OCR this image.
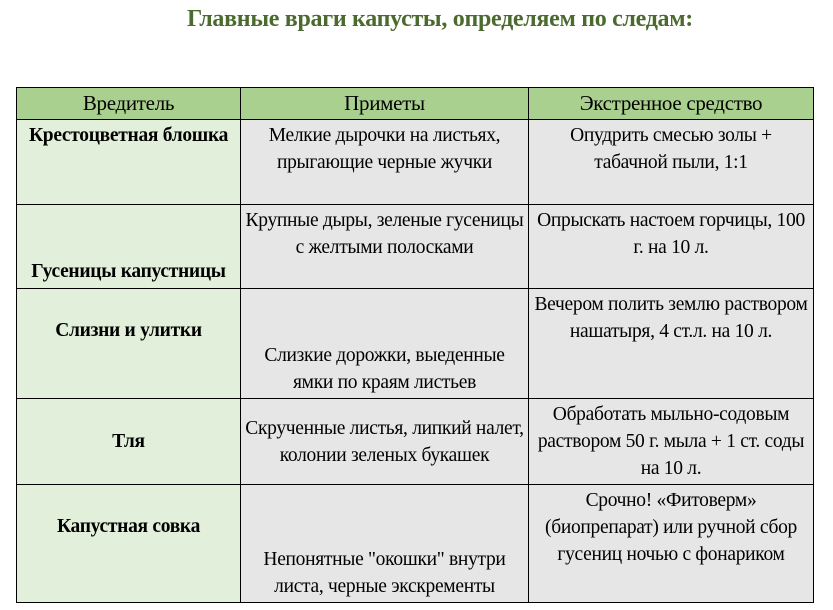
Главные враги капусты, определяем по следам:
Вредитель	Приметы	Экстренное средство
Крестоцветная блошка	Мелкие дырочки на листьях, прыгающие черные жучки	Опудрить смесью золы + табачной пыли, 1:1
Гусеницы капустницы	Крупные дыры, зеленые гусеницы с желтыми полосками	Опрыскать настоем горчицы, 100 г. на 10 л.
Слизни и улитки	Слизкие дорожки, выеденные ямки по краям листьев	Вечером полить землю раствором нашатыря, 4 ст.л. на 10 л.
Тля	Скрученные листья, липкий налет, колонии зеленых букашек	Обработать мыльно-содовым раствором 50 г. мыла + 1 ст. соды на 10 л.
Капустная совка	Непонятные "окошки" внутри листа, черные экскременты	Срочно! «Фитоверм» (биопрепарат) или ручной сбор гусениц ночью с фонариком
